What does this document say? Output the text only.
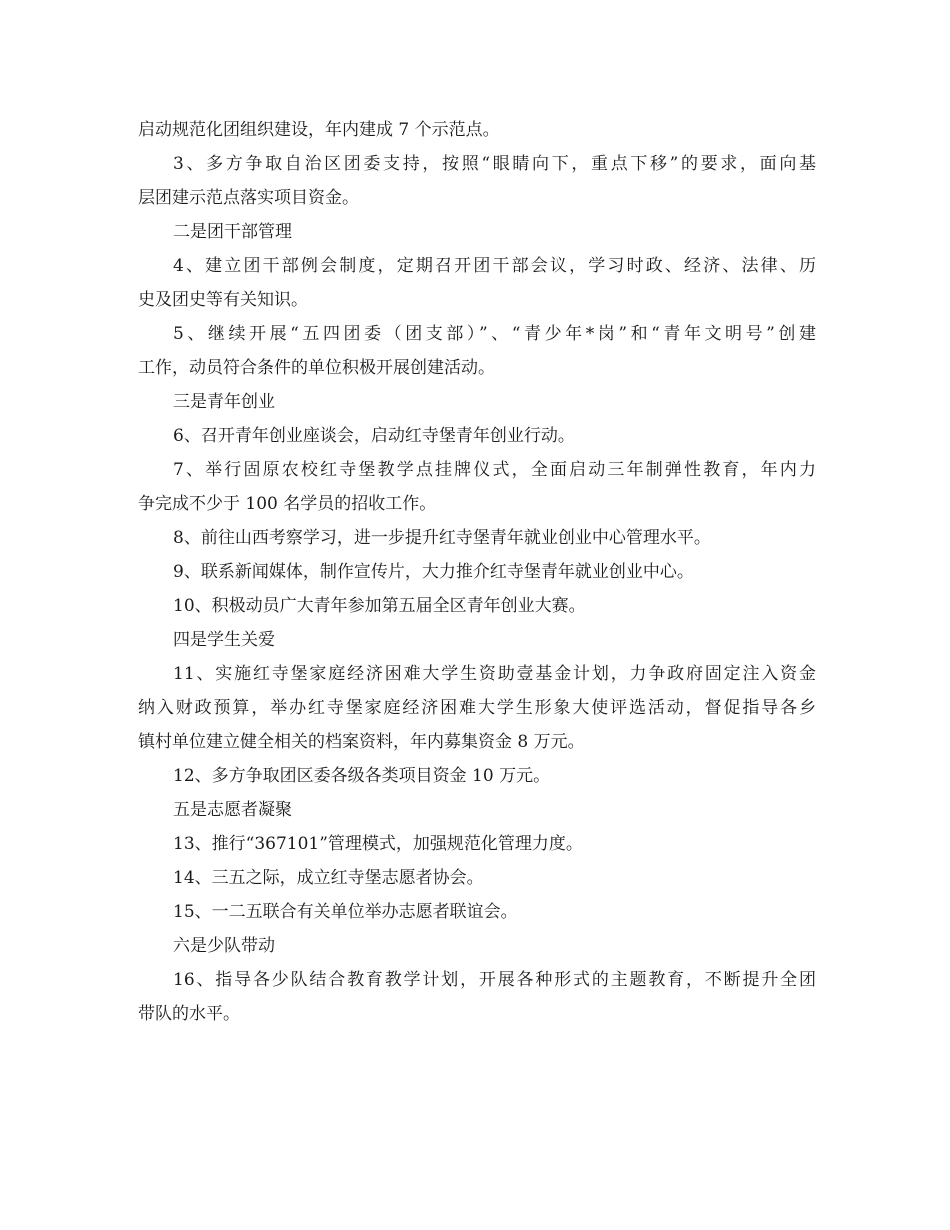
启动规范化团组织建设，年内建成 7 个示范点。

3、多方争取自治区团委支持，按照“眼睛向下，重点下移”的要求，面向基

层团建示范点落实项目资金。

二是团干部管理

4、建立团干部例会制度，定期召开团干部会议，学习时政、经济、法律、历

史及团史等有关知识。

5、继续开展“五四团委（团支部）”、“青少年*岗”和“青年文明号”创建

工作，动员符合条件的单位积极开展创建活动。

三是青年创业

6、召开青年创业座谈会，启动红寺堡青年创业行动。

7、举行固原农校红寺堡教学点挂牌仪式，全面启动三年制弹性教育，年内力

争完成不少于 100 名学员的招收工作。

8、前往山西考察学习，进一步提升红寺堡青年就业创业中心管理水平。

9、联系新闻媒体，制作宣传片，大力推介红寺堡青年就业创业中心。

10、积极动员广大青年参加第五届全区青年创业大赛。

四是学生关爱

11、实施红寺堡家庭经济困难大学生资助壹基金计划，力争政府固定注入资金

纳入财政预算，举办红寺堡家庭经济困难大学生形象大使评选活动，督促指导各乡

镇村单位建立健全相关的档案资料，年内募集资金 8 万元。

12、多方争取团区委各级各类项目资金 10 万元。

五是志愿者凝聚

13、推行“367101”管理模式，加强规范化管理力度。

14、三五之际，成立红寺堡志愿者协会。

15、一二五联合有关单位举办志愿者联谊会。

六是少队带动

16、指导各少队结合教育教学计划，开展各种形式的主题教育，不断提升全团

带队的水平。
